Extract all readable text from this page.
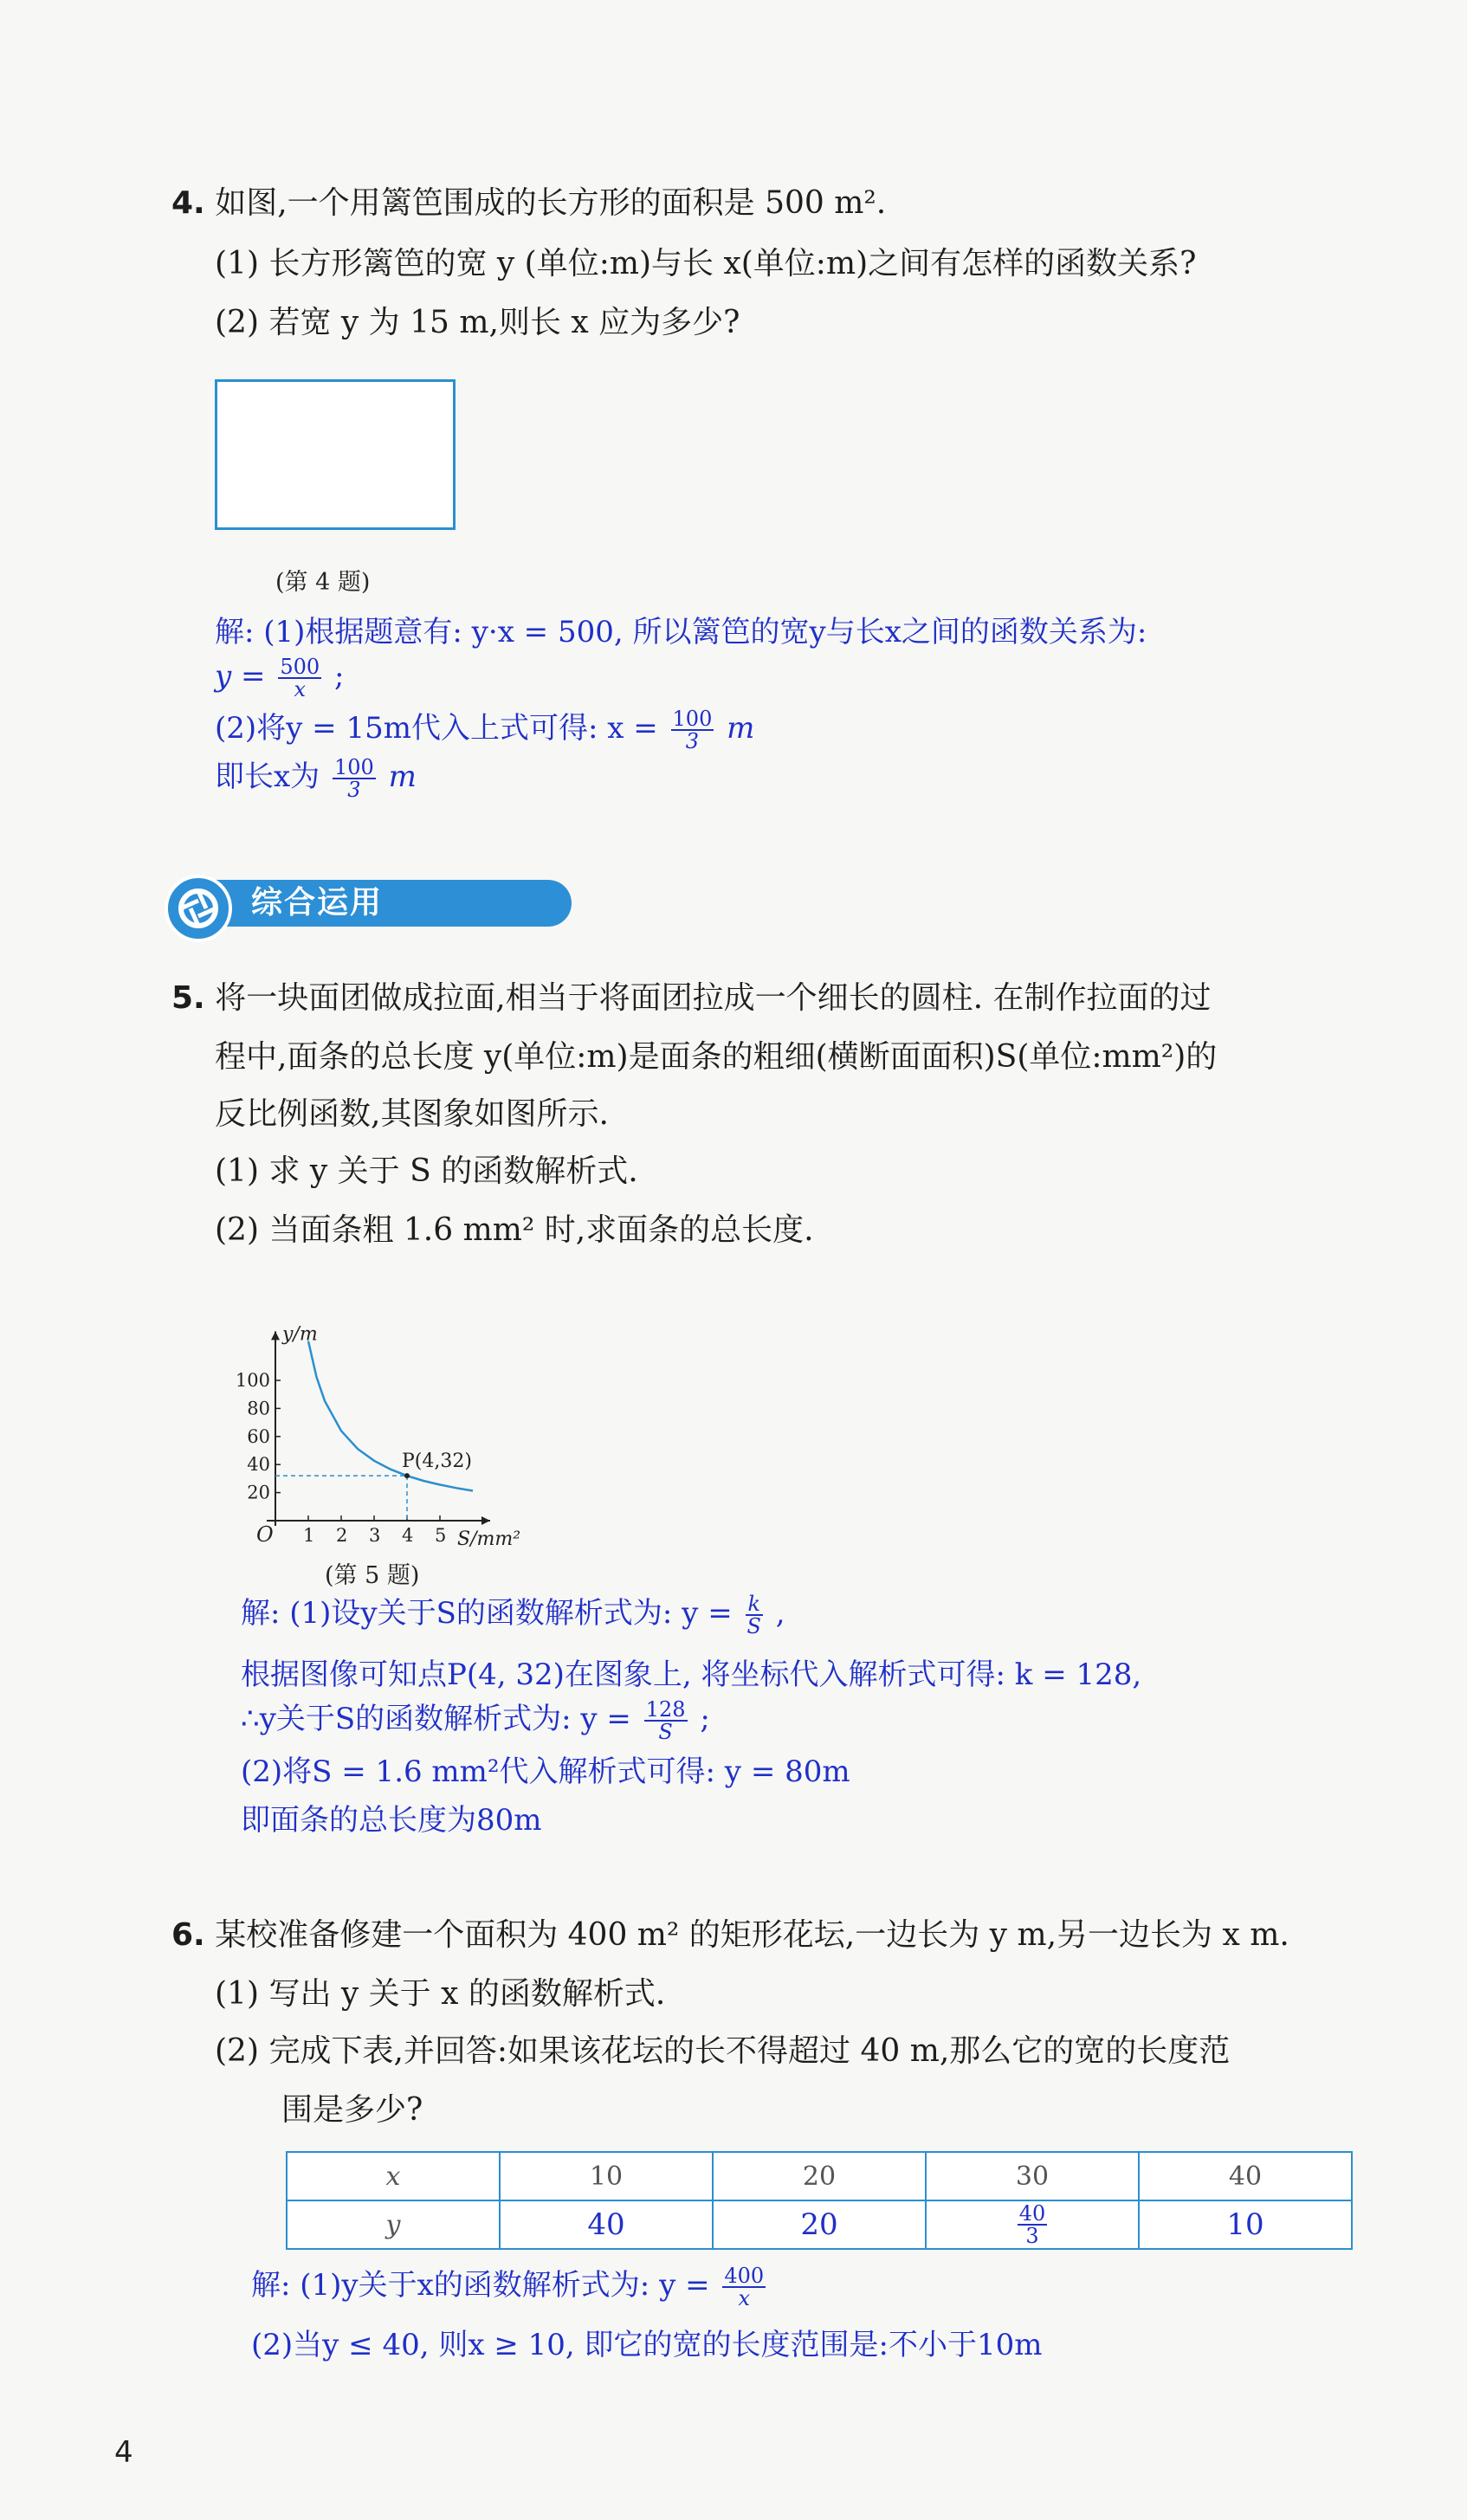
4. 如图,一个用篱笆围成的长方形的面积是 500 m².
(1) 长方形篱笆的宽 y (单位:m)与长 x(单位:m)之间有怎样的函数关系?
(2) 若宽 y 为 15 m,则长 x 应为多少?
(第 4 题)
解: (1)根据题意有: y·x = 500, 所以篱笆的宽y与长x之间的函数关系为:
$y = \frac{500}{x}$ ;
(2)将y = 15m代入上式可得: $x = \frac{100}{3}$ m
即长x为 $\frac{100}{3}$ m
综合运用
5. 将一块面团做成拉面,相当于将面团拉成一个细长的圆柱. 在制作拉面的过
程中,面条的总长度 y(单位:m)是面条的粗细(横断面面积)S(单位:mm²)的
反比例函数,其图象如图所示.
(1) 求 y 关于 S 的函数解析式.
(2) 当面条粗 1.6 mm² 时,求面条的总长度.
y/m
S/mm²
O 1 2 3 4 5
20
40
60
80
100
P(4,32)
(第 5 题)
解: (1)设y关于S的函数解析式为: $y = \frac{k}{S}$ ,
根据图像可知点P(4, 32)在图象上, 将坐标代入解析式可得: k = 128,
∴y关于S的函数解析式为: $y = \frac{128}{S}$ ;
(2)将S = 1.6 mm²代入解析式可得: y = 80m
即面条的总长度为80m
6. 某校准备修建一个面积为 400 m² 的矩形花坛,一边长为 y m,另一边长为 x m.
(1) 写出 y 关于 x 的函数解析式.
(2) 完成下表,并回答:如果该花坛的长不得超过 40 m,那么它的宽的长度范
围是多少?
x	10	20	30	40
y	40	20	$\frac{40}{3}$	10
解: (1)y关于x的函数解析式为: $y = \frac{400}{x}$
(2)当y ≤ 40, 则x ≥ 10, 即它的宽的长度范围是:不小于10m
4
